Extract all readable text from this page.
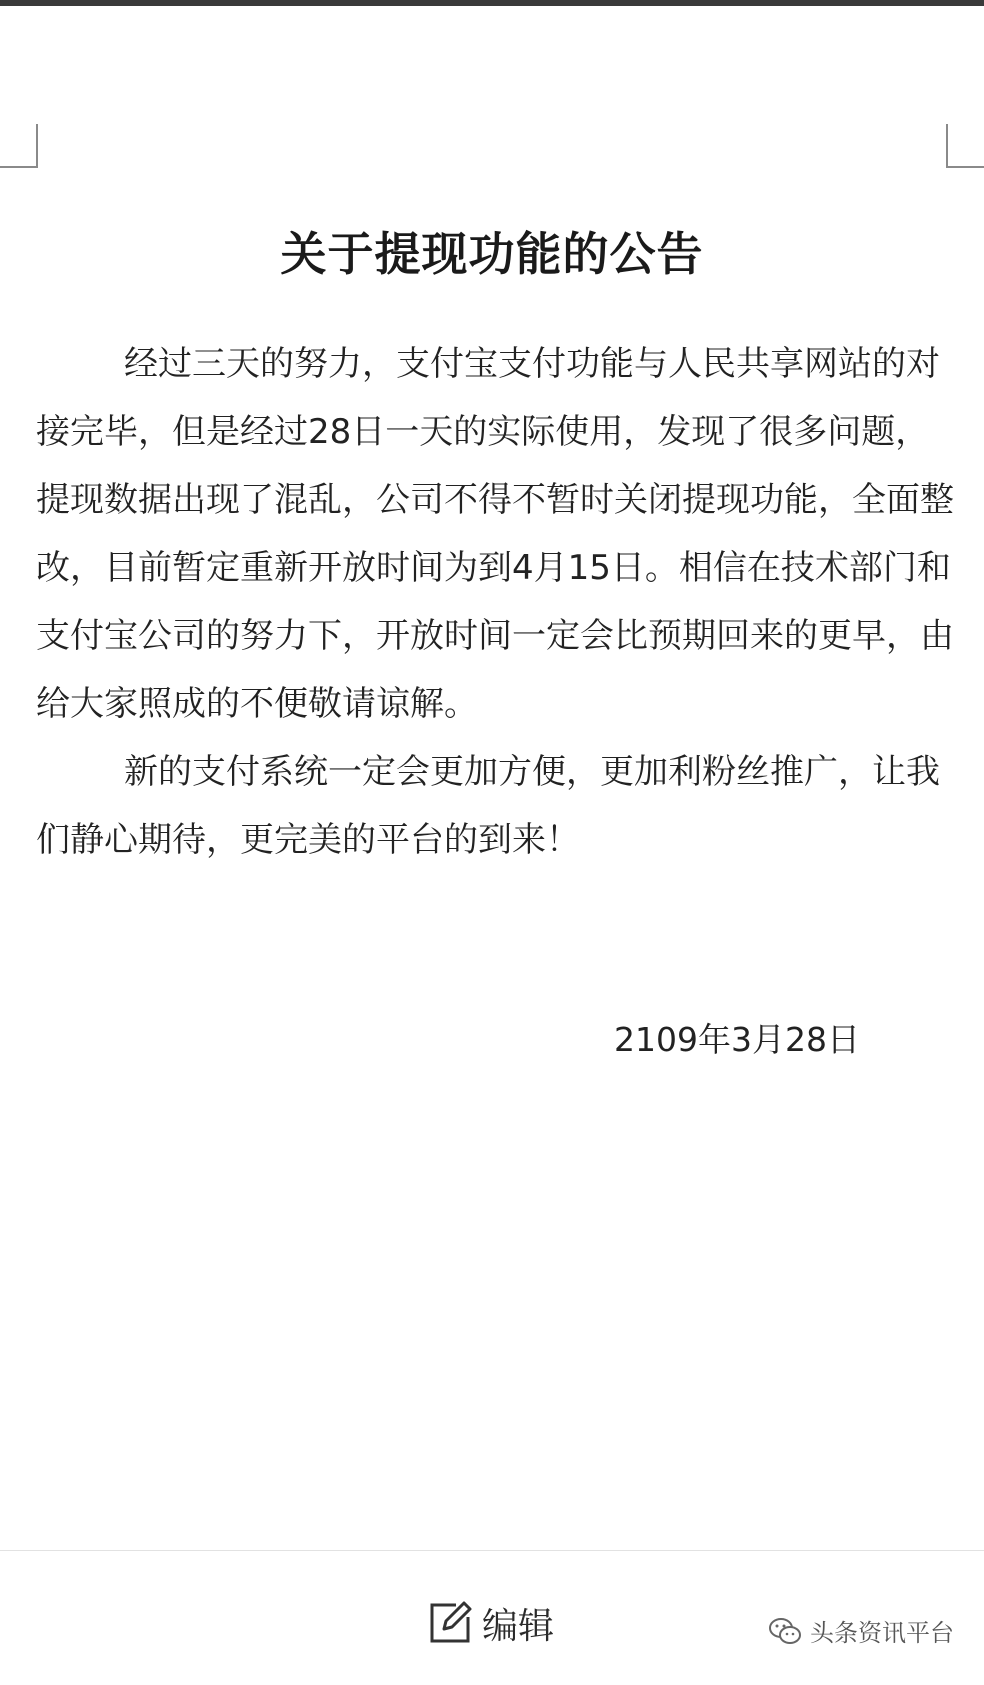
关于提现功能的公告

经过三天的努力，支付宝支付功能与人民共享网站的对接完毕，但是经过28日一天的实际使用，发现了很多问题，提现数据出现了混乱，公司不得不暂时关闭提现功能，全面整改，目前暂定重新开放时间为到4月15日。相信在技术部门和支付宝公司的努力下，开放时间一定会比预期回来的更早，由给大家照成的不便敬请谅解。

新的支付系统一定会更加方便，更加利粉丝推广，让我们静心期待，更完美的平台的到来！

2109年3月28日
编辑	头条资讯平台
